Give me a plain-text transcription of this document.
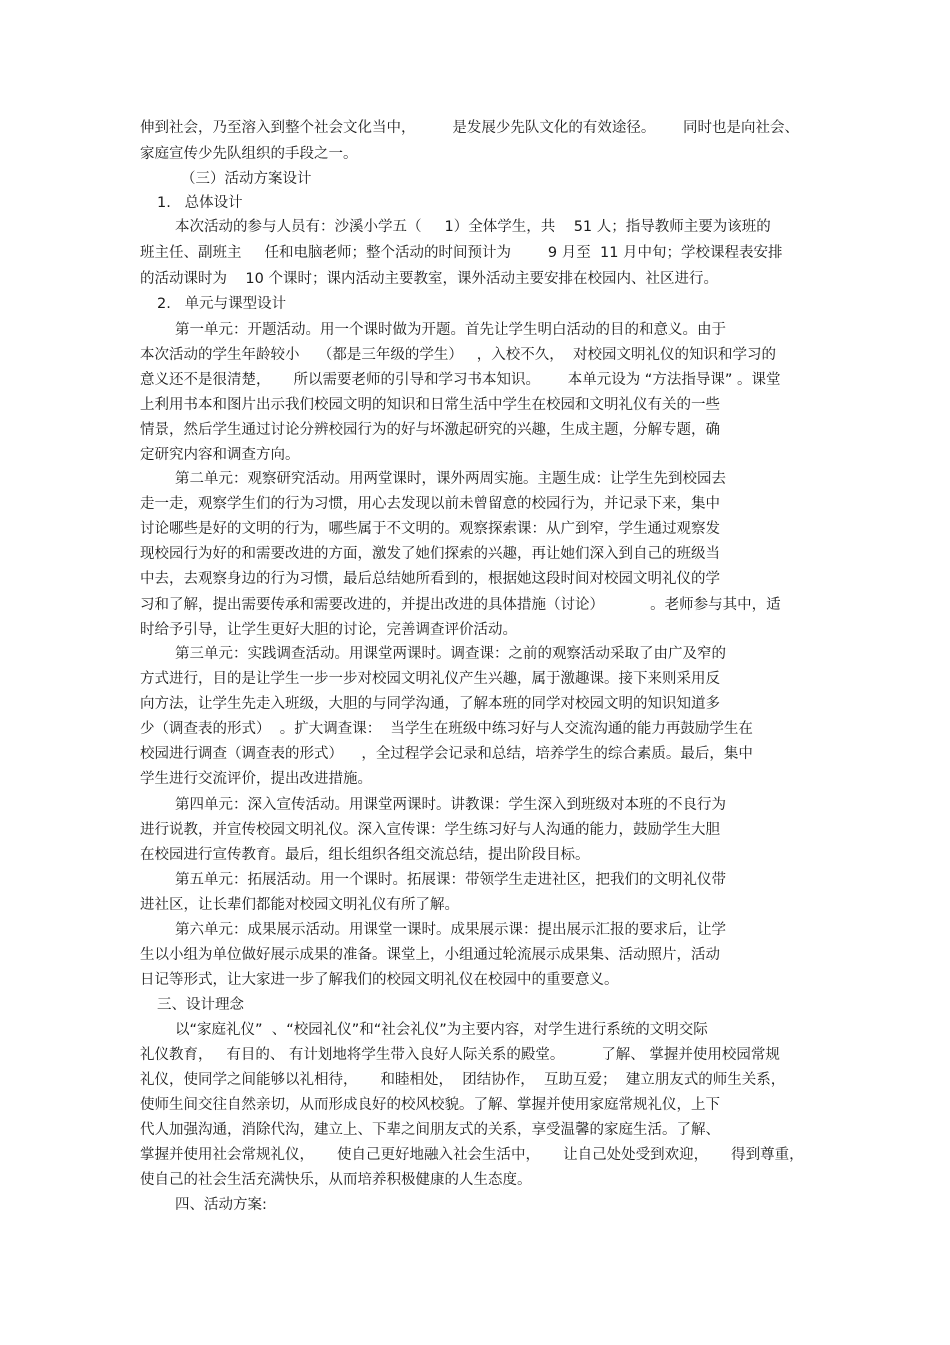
伸到社会，乃至溶入到整个社会文化当中，        是发展少先队文化的有效途径。      同时也是向社会、
家庭宣传少先队组织的手段之一。
（三）活动方案设计
1.   总体设计
本次活动的参与人员有：沙溪小学五（     1）全体学生，共    51 人；指导教师主要为该班的
班主任、副班主     任和电脑老师；整个活动的时间预计为        9 月至  11 月中旬；学校课程表安排
的活动课时为    10 个课时；课内活动主要教室，课外活动主要安排在校园内、社区进行。
2.   单元与课型设计
第一单元：开题活动。用一个课时做为开题。首先让学生明白活动的目的和意义。由于
本次活动的学生年龄较小    （都是三年级的学生）   ，入校不久，  对校园文明礼仪的知识和学习的
意义还不是很清楚，     所以需要老师的引导和学习书本知识。      本单元设为 “方法指导课” 。课堂
上利用书本和图片出示我们校园文明的知识和日常生活中学生在校园和文明礼仪有关的一些
情景，然后学生通过讨论分辨校园行为的好与坏激起研究的兴趣，生成主题，分解专题，确
定研究内容和调查方向。
第二单元：观察研究活动。用两堂课时，课外两周实施。主题生成：让学生先到校园去
走一走，观察学生们的行为习惯，用心去发现以前未曾留意的校园行为，并记录下来，集中
讨论哪些是好的文明的行为，哪些属于不文明的。观察探索课：从广到窄，学生通过观察发
现校园行为好的和需要改进的方面，激发了她们探索的兴趣，再让她们深入到自己的班级当
中去，去观察身边的行为习惯，最后总结她所看到的，根据她这段时间对校园文明礼仪的学
习和了解，提出需要传承和需要改进的，并提出改进的具体措施（讨论）          。老师参与其中，适
时给予引导，让学生更好大胆的讨论，完善调查评价活动。
第三单元：实践调查活动。用课堂两课时。调查课：之前的观察活动采取了由广及窄的
方式进行，目的是让学生一步一步对校园文明礼仪产生兴趣，属于激趣课。接下来则采用反
向方法，让学生先走入班级，大胆的与同学沟通，了解本班的同学对校园文明的知识知道多
少（调查表的形式）  。扩大调查课：  当学生在班级中练习好与人交流沟通的能力再鼓励学生在
校园进行调查（调查表的形式）    ，全过程学会记录和总结，培养学生的综合素质。最后，集中
学生进行交流评价，提出改进措施。
第四单元：深入宣传活动。用课堂两课时。讲教课：学生深入到班级对本班的不良行为
进行说教，并宣传校园文明礼仪。深入宣传课：学生练习好与人沟通的能力，鼓励学生大胆
在校园进行宣传教育。最后，组长组织各组交流总结，提出阶段目标。
第五单元：拓展活动。用一个课时。拓展课：带领学生走进社区，把我们的文明礼仪带
进社区，让长辈们都能对校园文明礼仪有所了解。
第六单元：成果展示活动。用课堂一课时。成果展示课：提出展示汇报的要求后，让学
生以小组为单位做好展示成果的准备。课堂上，小组通过轮流展示成果集、活动照片，活动
日记等形式，让大家进一步了解我们的校园文明礼仪在校园中的重要意义。
三、设计理念
以“家庭礼仪”  、“校园礼仪”和“社会礼仪”为主要内容，对学生进行系统的文明交际
礼仪教育，   有目的、 有计划地将学生带入良好人际关系的殿堂。        了解、 掌握并使用校园常规
礼仪，使同学之间能够以礼相待，     和睦相处，  团结协作，  互助互爱；  建立朋友式的师生关系，
使师生间交往自然亲切，从而形成良好的校风校貌。了解、掌握并使用家庭常规礼仪，上下
代人加强沟通，消除代沟，建立上、下辈之间朋友式的关系，享受温馨的家庭生活。了解、
掌握并使用社会常规礼仪，     使自己更好地融入社会生活中，     让自己处处受到欢迎，     得到尊重，
使自己的社会生活充满快乐，从而培养积极健康的人生态度。
四、活动方案:
